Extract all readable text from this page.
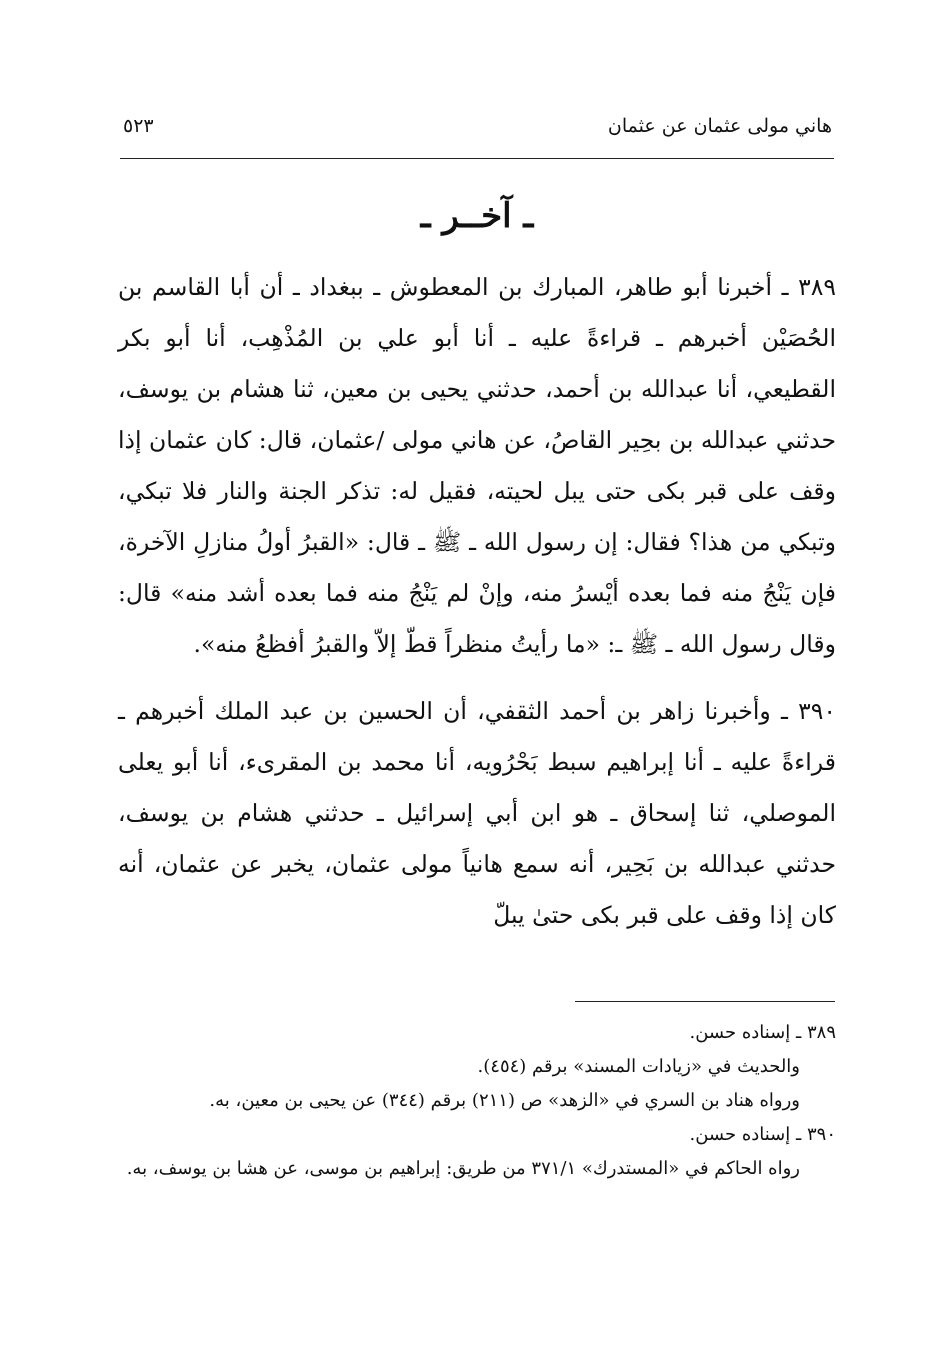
هاني مولى عثمان عن عثمان
٥٢٣
ـ آخــر ـ

٣٨٩ ـ أخبرنا أبو طاهر، المبارك بن المعطوش ـ ببغداد ـ أن أبا القاسم بن الحُصَيْن أخبرهم ـ قراءةً عليه ـ أنا أبو علي بن المُذْهِب، أنا أبو بكر القطيعي، أنا عبدالله بن أحمد، حدثني يحيى بن معين، ثنا هشام بن يوسف، حدثني عبدالله بن بحِير القاصُ، عن هاني مولى /عثمان، قال: كان عثمان إذا وقف على قبر بكى حتى يبل لحيته، فقيل له: تذكر الجنة والنار فلا تبكي، وتبكي من هذا؟ فقال: إن رسول الله ـ ﷺ ـ قال: «القبرُ أولُ منازلِ الآخرة، فإن يَنْجُ منه فما بعده أيْسرُ منه، وإنْ لم يَنْجُ منه فما بعده أشد منه» قال: وقال رسول الله ـ ﷺ ـ: «ما رأيتُ منظراً قطّ إلاّ والقبرُ أفظعُ منه».

٣٩٠ ـ وأخبرنا زاهر بن أحمد الثقفي، أن الحسين بن عبد الملك أخبرهم ـ قراءةً عليه ـ أنا إبراهيم سبط بَحْرُويه، أنا محمد بن المقرىء، أنا أبو يعلى الموصلي، ثنا إسحاق ـ هو ابن أبي إسرائيل ـ حدثني هشام بن يوسف، حدثني عبدالله بن بَحِير، أنه سمع هانياً مولى عثمان، يخبر عن عثمان، أنه كان إذا وقف على قبر بكى حتىٰ يبلّ

٣٨٩ ـ إسناده حسن.

والحديث في «زيادات المسند» برقم (٤٥٤).

ورواه هناد بن السري في «الزهد» ص (٢١١) برقم (٣٤٤) عن يحيى بن معين، به.

٣٩٠ ـ إسناده حسن.

رواه الحاكم في «المستدرك» ٣٧١/١ من طريق: إبراهيم بن موسى، عن هشا بن يوسف، به.
